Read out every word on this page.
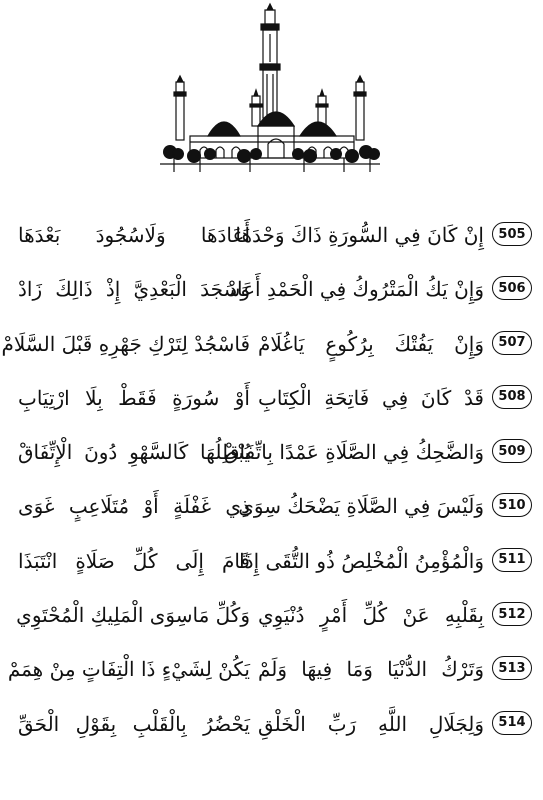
505
إِنْ كَانَ فِي السُّورَةِ ذَاكَ وَحْدَهَا
أَعَادَهَا وَلَاسُجُودَ بَعْدَهَا
506
وَإِنْ يَكُ الْمَتْرُوكُ فِي الْحَمْدِ أَعَادْ
وَسَجَدَ الْبَعْدِيَّ إِذْ ذَالِكَ زَادْ
507
وَإِنْ يَفُتْكَ بِرُكُوعٍ يَاغُلَامْ
فَاسْجُدْ لِتَرْكِ جَهْرِهِ قَبْلَ السَّلَامْ
508
قَدْ كَانَ فِي فَاتِحَةِ الْكِتَابِ
أَوْ سُورَةٍ فَقَطْ بِلَا ارْتِيَابِ
509
وَالضَّحِكُ فِي الصَّلَاةِ عَمْدًا بِاتِّفَاقْ
يُبْطِلُهَا كَالسَّهْوِ دُونَ الْإِتِّفَاقْ
510
وَلَيْسَ فِي الصَّلَاةِ يَضْحَكُ سِوَى
ذِي غَفْلَةٍ أَوْ مُتَلَاعِبٍ غَوَى
511
وَالْمُؤْمِنُ الْمُخْلِصُ ذُو التُّقَى إِذَا
قَامَ إِلَى كُلِّ صَلَاةٍ انْتَبَذَا
512
بِقَلْبِهِ عَنْ كُلِّ أَمْرٍ دُنْيَوِي
وَكُلِّ مَاسِوَى الْمَلِيكِ الْمُحْتَوِي
513
وَتَرْكُ الدُّنْيَا وَمَا فِيهَا وَلَمْ
يَكُنْ لِشَيْءٍ ذَا الْتِفَاتٍ مِنْ هِمَمْ
514
وَلِجَلَالِ اللَّهِ رَبِّ الْخَلْقِ
يَحْضُرُ بِالْقَلْبِ بِقَوْلِ الْحَقِّ
